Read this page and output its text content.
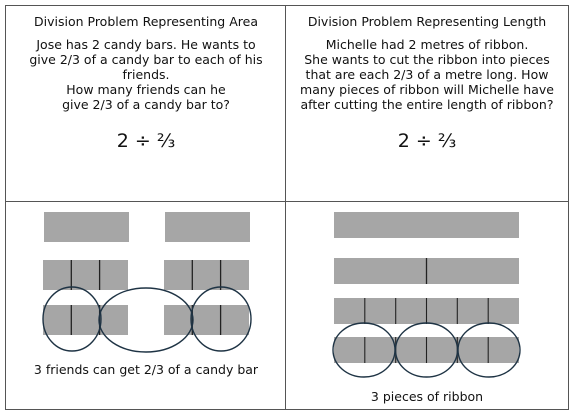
Division Problem Representing Area
Jose has 2 candy bars. He wants to
give 2/3 of a candy bar to each of his
friends.
How many friends can he
give 2/3 of a candy bar to?
2 ÷ ⅔
Division Problem Representing Length
Michelle had 2 metres of ribbon.
She wants to cut the ribbon into pieces
that are each 2/3 of a metre long. How
many pieces of ribbon will Michelle have
after cutting the entire length of ribbon?
2 ÷ ⅔
3 friends can get 2/3 of a candy bar
3 pieces of ribbon
